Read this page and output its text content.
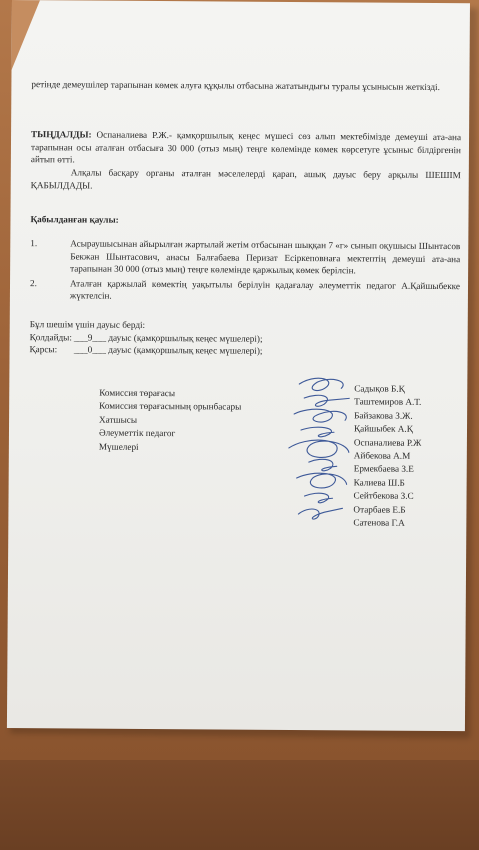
ретінде демеушілер тарапынан көмек алуға құқылы отбасына жататындығы туралы ұсынысын жеткізді.
ТЫҢДАЛДЫ: Оспаналиева Р.Ж.- қамқоршылық кеңес мүшесі сөз алып мектебімізде демеуші ата-ана тарапынан осы аталған отбасыға 30 000 (отыз мың) теңге көлемінде көмек көрсетуге ұсыныс білдіргенін айтып өтті.
Алқалы басқару органы аталған мәселелерді қарап, ашық дауыс беру арқылы ШЕШІМ ҚАБЫЛДАДЫ.
Қабылданған қаулы:
1.	Асыраушысынан айырылған жартылай жетім отбасынан шыққан 7 «г» сынып оқушысы Шынтасов Бекжан Шынтасович, анасы Балғабаева Перизат Есіркеповнаға мектептің демеуші ата-ана тарапынан 30 000 (отыз мың) теңге көлемінде қаржылық көмек берілсін.
2.	Аталған қаржылай көмектің уақытылы берілуін қадағалау әлеуметтік педагог А.Қайшыбекке жүктелсін.
Бұл шешім үшін дауыс берді:
Қолдайды: ___9___ дауыс (қамқоршылық кеңес мүшелері);
Қарсы: ___0___ дауыс (қамқоршылық кеңес мүшелері);
Комиссия төрағасы
Комиссия төрағасының орынбасары
Хатшысы
Әлеуметтік педагог
Мүшелері
Садықов Б.Қ
Таштемиров А.Т.
Байзакова З.Ж.
Қайшыбек А.Қ
Оспаналиева Р.Ж
Айбекова А.М
Ермекбаева З.Е
Калиева Ш.Б
Сейтбекова З.С
Отарбаев Е.Б
Сатенова Г.А
